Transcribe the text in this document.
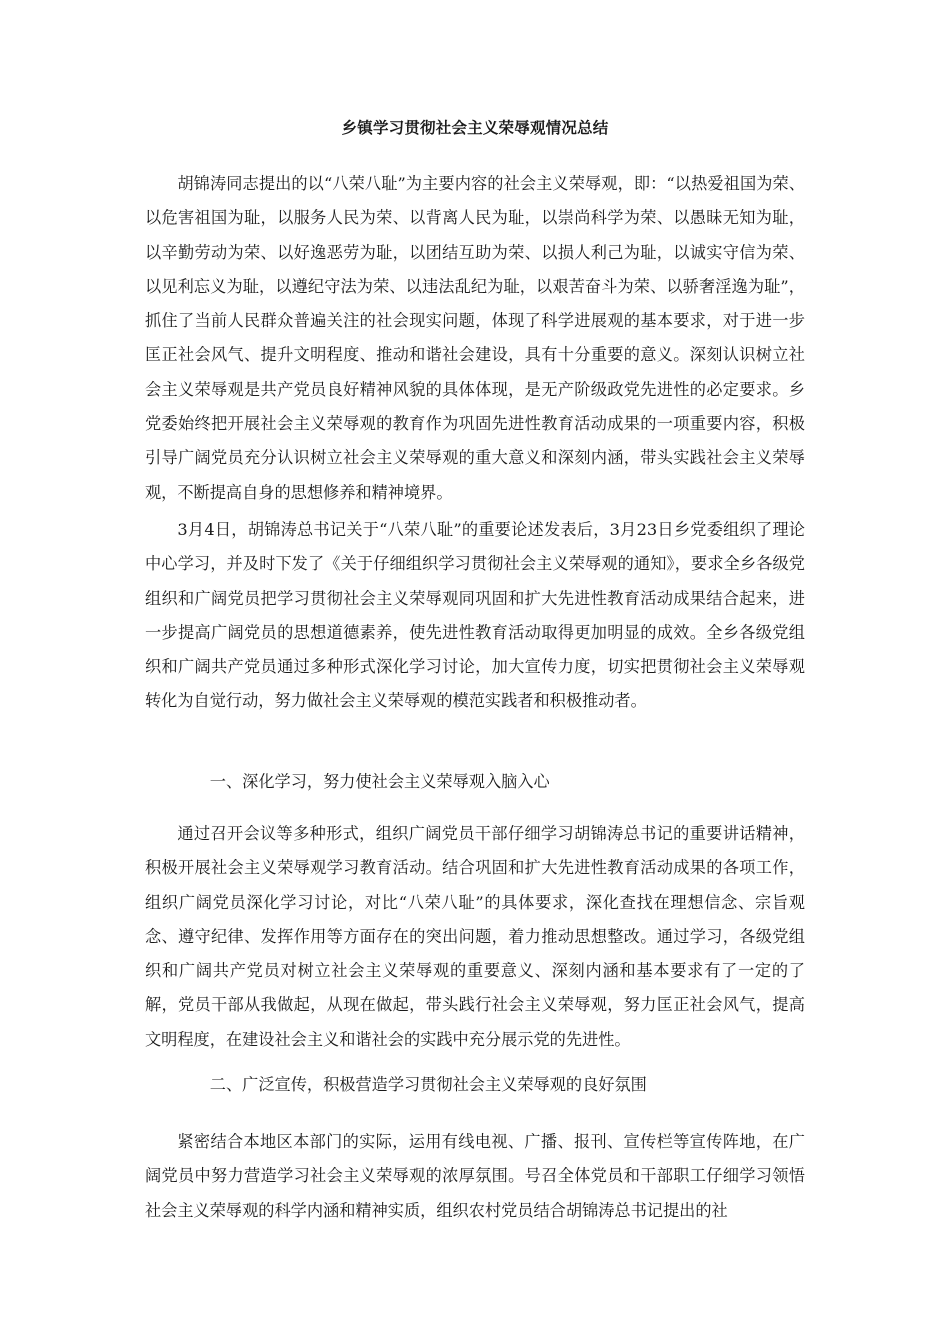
乡镇学习贯彻社会主义荣辱观情况总结

胡锦涛同志提出的以“八荣八耻”为主要内容的社会主义荣辱观，即：“以热爱祖国为荣、以危害祖国为耻，以服务人民为荣、以背离人民为耻，以崇尚科学为荣、以愚昧无知为耻，以辛勤劳动为荣、以好逸恶劳为耻，以团结互助为荣、以损人利己为耻，以诚实守信为荣、以见利忘义为耻，以遵纪守法为荣、以违法乱纪为耻，以艰苦奋斗为荣、以骄奢淫逸为耻”，抓住了当前人民群众普遍关注的社会现实问题，体现了科学进展观的基本要求，对于进一步匡正社会风气、提升文明程度、推动和谐社会建设，具有十分重要的意义。深刻认识树立社会主义荣辱观是共产党员良好精神风貌的具体体现，是无产阶级政党先进性的必定要求。乡党委始终把开展社会主义荣辱观的教育作为巩固先进性教育活动成果的一项重要内容，积极引导广阔党员充分认识树立社会主义荣辱观的重大意义和深刻内涵，带头实践社会主义荣辱观，不断提高自身的思想修养和精神境界。

3月4日，胡锦涛总书记关于“八荣八耻”的重要论述发表后，3月23日乡党委组织了理论中心学习，并及时下发了《关于仔细组织学习贯彻社会主义荣辱观的通知》，要求全乡各级党组织和广阔党员把学习贯彻社会主义荣辱观同巩固和扩大先进性教育活动成果结合起来，进一步提高广阔党员的思想道德素养，使先进性教育活动取得更加明显的成效。全乡各级党组织和广阔共产党员通过多种形式深化学习讨论，加大宣传力度，切实把贯彻社会主义荣辱观转化为自觉行动，努力做社会主义荣辱观的模范实践者和积极推动者。

一、深化学习，努力使社会主义荣辱观入脑入心

通过召开会议等多种形式，组织广阔党员干部仔细学习胡锦涛总书记的重要讲话精神，积极开展社会主义荣辱观学习教育活动。结合巩固和扩大先进性教育活动成果的各项工作，组织广阔党员深化学习讨论，对比“八荣八耻”的具体要求，深化查找在理想信念、宗旨观念、遵守纪律、发挥作用等方面存在的突出问题，着力推动思想整改。通过学习，各级党组织和广阔共产党员对树立社会主义荣辱观的重要意义、深刻内涵和基本要求有了一定的了解，党员干部从我做起，从现在做起，带头践行社会主义荣辱观，努力匡正社会风气，提高文明程度，在建设社会主义和谐社会的实践中充分展示党的先进性。

二、广泛宣传，积极营造学习贯彻社会主义荣辱观的良好氛围

紧密结合本地区本部门的实际，运用有线电视、广播、报刊、宣传栏等宣传阵地，在广阔党员中努力营造学习社会主义荣辱观的浓厚氛围。号召全体党员和干部职工仔细学习领悟社会主义荣辱观的科学内涵和精神实质，组织农村党员结合胡锦涛总书记提出的社
